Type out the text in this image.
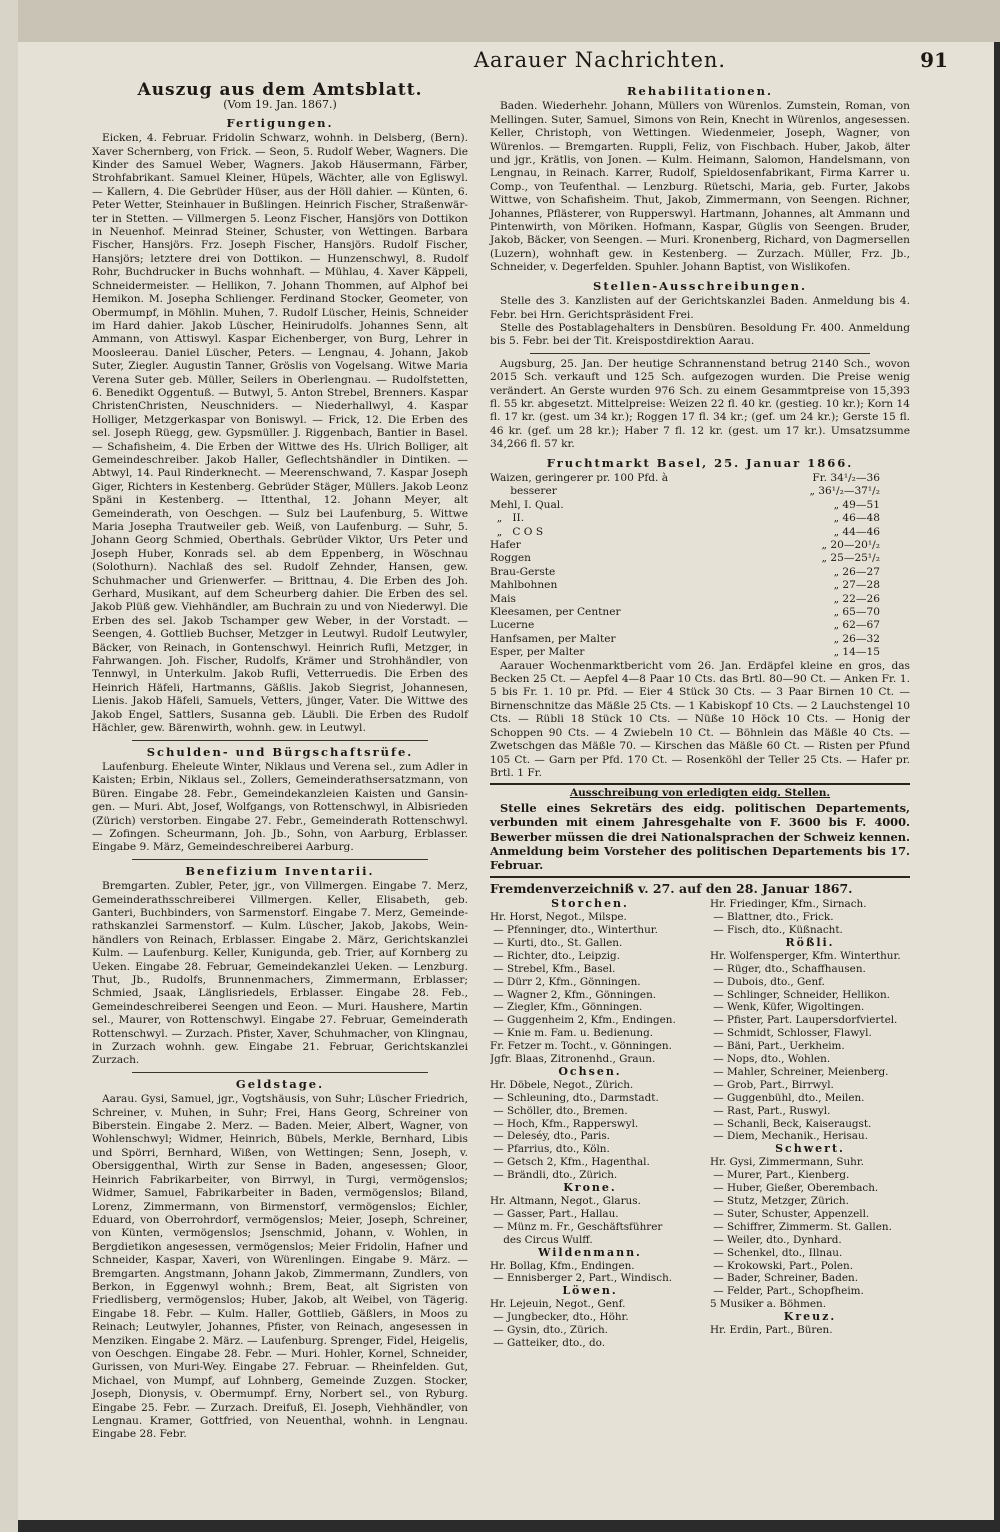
Aarauer Nachrichten.	91
Auszug aus dem Amtsblatt.
(Vom 19. Jan. 1867.)
Fertigungen.

Eicken, 4. Februar. Fridolin Schwarz, wohnh. in Delsberg, (Bern). Xaver Schernberg, von Frick. — Seon, 5. Rudolf Weber, Wagners. Die Kinder des Samuel Weber, Wagners. Jakob Häusermann, Färber, Strohfabrikant. Samuel Kleiner, Hüpels, Wächter, alle von Egliswyl. — Kallern, 4. Die Gebrüder Hüser, aus der Höll dahier. — Künten, 6. Peter Wetter, Steinhauer in Bußlingen. Heinrich Fischer, Straßenwärter in Stetten. — Villmergen 5. Leonz Fischer, Hansjörs von Dottikon in Neuenhof. Meinrad Steiner, Schuster, von Wettingen. Barbara Fischer, Hansjörs. Frz. Joseph Fischer, Hansjörs. Rudolf Fischer, Hansjörs; letztere drei von Dottikon. — Hunzenschwyl, 8. Rudolf Rohr, Buchdrucker in Buchs wohnhaft. — Mühlau, 4. Xaver Käppeli, Schneidermeister. — Hellikon, 7. Johann Thommen, auf Alphof bei Hemikon. M. Josepha Schlienger. Ferdinand Stocker, Geometer, von Obermumpf, in Möhlin. Muhen, 7. Rudolf Lüscher, Heinis, Schneider im Hard dahier. Jakob Lüscher, Heinirudolfs. Johannes Senn, alt Ammann, von Attiswyl. Kaspar Eichenberger, von Burg, Lehrer in Moosleerau. Daniel Lüscher, Peters. — Lengnau, 4. Johann, Jakob Suter, Ziegler. Augustin Tanner, Gröslis von Vogelsang. Witwe Maria Verena Suter geb. Müller, Seilers in Oberlengnau. — Rudolfstetten, 6. Benedikt Oggentuß. — Butwyl, 5. Anton Strebel, Brenners. Kaspar ChristenChristen, Neuschniders. — Niederhallwyl, 4. Kaspar Holliger, Metzgerkaspar von Boniswyl. — Frick, 12. Die Erben des sel. Joseph Rüegg, gew. Gypsmüller. J. Riggenbach, Bantier in Basel. — Schafisheim, 4. Die Erben der Wittwe des Hs. Ulrich Bolliger, alt Gemeindeschreiber. Jakob Haller, Geflechtshändler in Dintiken. — Abtwyl, 14. Paul Rinderknecht. — Meerenschwand, 7. Kaspar Joseph Giger, Richters in Kestenberg. Gebrüder Stäger, Müllers. Jakob Leonz Späni in Kestenberg. — Ittenthal, 12. Johann Meyer, alt Gemeinderath, von Oeschgen. — Sulz bei Laufenburg, 5. Wittwe Maria Josepha Trautweiler geb. Weiß, von Laufenburg. — Suhr, 5. Johann Georg Schmied, Oberthals. Gebrüder Viktor, Urs Peter und Joseph Huber, Konrads sel. ab dem Eppenberg, in Wöschnau (Solothurn). Nachlaß des sel. Rudolf Zehnder, Hansen, gew. Schuhmacher und Grienwerfer. — Brittnau, 4. Die Erben des Joh. Gerhard, Musikant, auf dem Scheurberg dahier. Die Erben des sel. Jakob Plüß gew. Viehhändler, am Buchrain zu und von Niederwyl. Die Erben des sel. Jakob Tschamper gew Weber, in der Vorstadt. — Seengen, 4. Gottlieb Buchser, Metzger in Leutwyl. Rudolf Leutwyler, Bäcker, von Reinach, in Gontenschwyl. Heinrich Rufli, Metzger, in Fahrwangen. Joh. Fischer, Rudolfs, Krämer und Strohhändler, von Tennwyl, in Unterkulm. Jakob Rufli, Vetterruedis. Die Erben des Heinrich Häfeli, Hartmanns, Gäßlis. Jakob Siegrist, Johannesen, Lienis. Jakob Häfeli, Samuels, Vetters, jünger, Vater. Die Wittwe des Jakob Engel, Sattlers, Susanna geb. Läubli. Die Erben des Rudolf Hächler, gew. Bärenwirth, wohnh. gew. in Leutwyl.

Schulden- und Bürgschaftsrüfe.

Laufenburg. Eheleute Winter, Niklaus und Verena sel., zum Adler in Kaisten; Erbin, Niklaus sel., Zollers, Gemeinderathsersatzmann, von Büren. Eingabe 28. Febr., Gemeindekanzleien Kaisten und Gansingen. — Muri. Abt, Josef, Wolfgangs, von Rottenschwyl, in Albisrieden (Zürich) verstorben. Eingabe 27. Febr., Gemeinderath Rottenschwyl. — Zofingen. Scheurmann, Joh. Jb., Sohn, von Aarburg, Erblasser. Eingabe 9. März, Gemeindeschreiberei Aarburg.

Benefizium Inventarii.

Bremgarten. Zubler, Peter, jgr., von Villmergen. Eingabe 7. Merz, Gemeinderathsschreiberei Villmergen. Keller, Elisabeth, geb. Ganteri, Buchbinders, von Sarmenstorf. Eingabe 7. Merz, Gemeinderathskanzlei Sarmenstorf. — Kulm. Lüscher, Jakob, Jakobs, Weinhändlers von Reinach, Erblasser. Eingabe 2. März, Gerichtskanzlei Kulm. — Laufenburg. Keller, Kunigunda, geb. Trier, auf Kornberg zu Ueken. Eingabe 28. Februar, Gemeindekanzlei Ueken. — Lenzburg. Thut, Jb., Rudolfs, Brunnenmachers, Zimmermann, Erblasser; Schmied, Jsaak, Länglisriedels, Erblasser. Eingabe 28. Feb., Gemeindeschreiberei Seengen und Eeon. — Muri. Haushere, Martin sel., Maurer, von Rottenschwyl. Eingabe 27. Februar, Gemeinderath Rottenschwyl. — Zurzach. Pfister, Xaver, Schuhmacher, von Klingnau, in Zurzach wohnh. gew. Eingabe 21. Februar, Gerichtskanzlei Zurzach.

Geldstage.

Aarau. Gysi, Samuel, jgr., Vogtshäusis, von Suhr; Lüscher Friedrich, Schreiner, v. Muhen, in Suhr; Frei, Hans Georg, Schreiner von Biberstein. Eingabe 2. Merz. — Baden. Meier, Albert, Wagner, von Wohlenschwyl; Widmer, Heinrich, Bübels, Merkle, Bernhard, Libis und Spörri, Bernhard, Wißen, von Wettingen; Senn, Joseph, v. Obersiggenthal, Wirth zur Sense in Baden, angesessen; Gloor, Heinrich Fabrikarbeiter, von Birrwyl, in Turgi, vermögenslos; Widmer, Samuel, Fabrikarbeiter in Baden, vermögenslos; Biland, Lorenz, Zimmermann, von Birmenstorf, vermögenslos; Eichler, Eduard, von Oberrohrdorf, vermögenslos; Meier, Joseph, Schreiner, von Künten, vermögenslos; Jsenschmid, Johann, v. Wohlen, in Bergdietikon angesessen, vermögenslos; Meier Fridolin, Hafner und Schneider, Kaspar, Xaveri, von Würenlingen. Eingabe 9. März. — Bremgarten. Angstmann, Johann Jakob, Zimmermann, Zundlers, von Berkon, in Eggenwyl wohnh.; Brem, Beat, alt Sigristen von Friedlisberg, vermögenslos; Huber, Jakob, alt Weibel, von Tägerig. Eingabe 18. Febr. — Kulm. Haller, Gottlieb, Gäßlers, in Moos zu Reinach; Leutwyler, Johannes, Pfister, von Reinach, angesessen in Menziken. Eingabe 2. März. — Laufenburg. Sprenger, Fidel, Heigelis, von Oeschgen. Eingabe 28. Febr. — Muri. Hohler, Kornel, Schneider, Gurissen, von Muri-Wey. Eingabe 27. Februar. — Rheinfelden. Gut, Michael, von Mumpf, auf Lohnberg, Gemeinde Zuzgen. Stocker, Joseph, Dionysis, v. Obermumpf. Erny, Norbert sel., von Ryburg. Eingabe 25. Febr. — Zurzach. Dreifuß, El. Joseph, Viehhändler, von Lengnau. Kramer, Gottfried, von Neuenthal, wohnh. in Lengnau. Eingabe 28. Febr.

Rehabilitationen.

Baden. Wiederhehr. Johann, Müllers von Würenlos. Zumstein, Roman, von Mellingen. Suter, Samuel, Simons von Rein, Knecht in Würenlos, angesessen. Keller, Christoph, von Wettingen. Wiedenmeier, Joseph, Wagner, von Würenlos. — Bremgarten. Ruppli, Feliz, von Fischbach. Huber, Jakob, älter und jgr., Krätlis, von Jonen. — Kulm. Heimann, Salomon, Handelsmann, von Lengnau, in Reinach. Karrer, Rudolf, Spieldosenfabrikant, Firma Karrer u. Comp., von Teufenthal. — Lenzburg. Rüetschi, Maria, geb. Furter, Jakobs Wittwe, von Schafisheim. Thut, Jakob, Zimmermann, von Seengen. Richner, Johannes, Pflästerer, von Rupperswyl. Hartmann, Johannes, alt Ammann und Pintenwirth, von Möriken. Hofmann, Kaspar, Güglis von Seengen. Bruder, Jakob, Bäcker, von Seengen. — Muri. Kronenberg, Richard, von Dagmersellen (Luzern), wohnhaft gew. in Kestenberg. — Zurzach. Müller, Frz. Jb., Schneider, v. Degerfelden. Spuhler. Johann Baptist, von Wislikofen.

Stellen-Ausschreibungen.

Stelle des 3. Kanzlisten auf der Gerichtskanzlei Baden. Anmeldung bis 4. Febr. bei Hrn. Gerichtspräsident Frei.

Stelle des Postablagehalters in Densbüren. Besoldung Fr. 400. Anmeldung bis 5. Febr. bei der Tit. Kreispostdirektion Aarau.

Augsburg, 25. Jan. Der heutige Schrannenstand betrug 2140 Sch., wovon 2015 Sch. verkauft und 125 Sch. aufgezogen wurden. Die Preise wenig verändert. An Gerste wurden 976 Sch. zu einem Gesammtpreise von 15,393 fl. 55 kr. abgesetzt. Mittelpreise: Weizen 22 fl. 40 kr. (gestieg. 10 kr.); Korn 14 fl. 17 kr. (gest. um 34 kr.); Roggen 17 fl. 34 kr.; (gef. um 24 kr.); Gerste 15 fl. 46 kr. (gef. um 28 kr.); Haber 7 fl. 12 kr. (gest. um 17 kr.). Umsatzsumme 34,266 fl. 57 kr.

Fruchtmarkt Basel, 25. Januar 1866.
Waizen, geringerer pr. 100 Pfd. à	Fr. 34¹/₂—36
besserer	„ 36¹/₂—37¹/₂
Mehl, I. Qual.	„ 49—51
„   II.	„ 46—48
„   C O S	„ 44—46
Hafer	„ 20—20¹/₂
Roggen	„ 25—25¹/₂
Brau-Gerste	„ 26—27
Mahlbohnen	„ 27—28
Mais	„ 22—26
Kleesamen, per Centner	„ 65—70
Lucerne	„ 62—67
Hanfsamen, per Malter	„ 26—32
Esper, per Malter	„ 14—15

Aarauer Wochenmarktbericht vom 26. Jan. Erdäpfel kleine en gros, das Becken 25 Ct. — Aepfel 4—8 Paar 10 Cts. das Brtl. 80—90 Ct. — Anken Fr. 1. 5 bis Fr. 1. 10 pr. Pfd. — Eier 4 Stück 30 Cts. — 3 Paar Birnen 10 Ct. — Birnenschnitze das Mäßle 25 Cts. — 1 Kabiskopf 10 Cts. — 2 Lauchstengel 10 Cts. — Rübli 18 Stück 10 Cts. — Nüße 10 Höck 10 Cts. — Honig der Schoppen 90 Cts. — 4 Zwiebeln 10 Ct. — Böhnlein das Mäßle 40 Cts. — Zwetschgen das Mäßle 70. — Kirschen das Mäßle 60 Ct. — Risten per Pfund 105 Ct. — Garn per Pfd. 170 Ct. — Rosenköhl der Teller 25 Cts. — Hafer pr. Brtl. 1 Fr.

Ausschreibung von erledigten eidg. Stellen.

Stelle eines Sekretärs des eidg. politischen Departements, verbunden mit einem Jahresgehalte von F. 3600 bis F. 4000. Bewerber müssen die drei Nationalsprachen der Schweiz kennen. Anmeldung beim Vorsteher des politischen Departements bis 17. Februar.

Fremdenverzeichniß v. 27. auf den 28. Januar 1867.
Storchen.
Hr. Horst, Negot., Milspe.
— Pfenninger, dto., Winterthur.
— Kurti, dto., St. Gallen.
— Richter, dto., Leipzig.
— Strebel, Kfm., Basel.
— Dürr 2, Kfm., Gönningen.
— Wagner 2, Kfm., Gönningen.
— Ziegler, Kfm., Gönningen.
— Guggenheim 2, Kfm., Endingen.
— Knie m. Fam. u. Bedienung.
Fr. Fetzer m. Tocht., v. Gönningen.
Jgfr. Blaas, Zitronenhd., Graun.
Ochsen.
Hr. Döbele, Negot., Zürich.
— Schleuning, dto., Darmstadt.
— Schöller, dto., Bremen.
— Hoch, Kfm., Rapperswyl.
— Deleséy, dto., Paris.
— Pfarrius, dto., Köln.
— Getsch 2, Kfm., Hagenthal.
— Brändli, dto., Zürich.
Krone.
Hr. Altmann, Negot., Glarus.
— Gasser, Part., Hallau.
— Münz m. Fr., Geschäftsführer
des Circus Wulff.
Wildenmann.
Hr. Bollag, Kfm., Endingen.
— Ennisberger 2, Part., Windisch.
Löwen.
Hr. Lejeuin, Negot., Genf.
— Jungbecker, dto., Höhr.
— Gysin, dto., Zürich.
— Gatteiker, dto., do.
Hr. Friedinger, Kfm., Sirnach.
— Blattner, dto., Frick.
— Fisch, dto., Küßnacht.
Rößli.
Hr. Wolfensperger, Kfm. Winterthur.
— Rüger, dto., Schaffhausen.
— Dubois, dto., Genf.
— Schlinger, Schneider, Hellikon.
— Wenk, Küfer, Wigoltingen.
— Pfister, Part. Laupersdorfviertel.
— Schmidt, Schlosser, Flawyl.
— Bäni, Part., Uerkheim.
— Nops, dto., Wohlen.
— Mahler, Schreiner, Meienberg.
— Grob, Part., Birrwyl.
— Guggenbühl, dto., Meilen.
— Rast, Part., Ruswyl.
— Schanli, Beck, Kaiseraugst.
— Diem, Mechanik., Herisau.
Schwert.
Hr. Gysi, Zimmermann, Suhr.
— Murer, Part., Kienberg.
— Huber, Gießer, Oberembach.
— Stutz, Metzger, Zürich.
— Suter, Schuster, Appenzell.
— Schiffrer, Zimmerm. St. Gallen.
— Weiler, dto., Dynhard.
— Schenkel, dto., Illnau.
— Krokowski, Part., Polen.
— Bader, Schreiner, Baden.
— Felder, Part., Schopfheim.
5 Musiker a. Böhmen.
Kreuz.
Hr. Erdin, Part., Büren.
